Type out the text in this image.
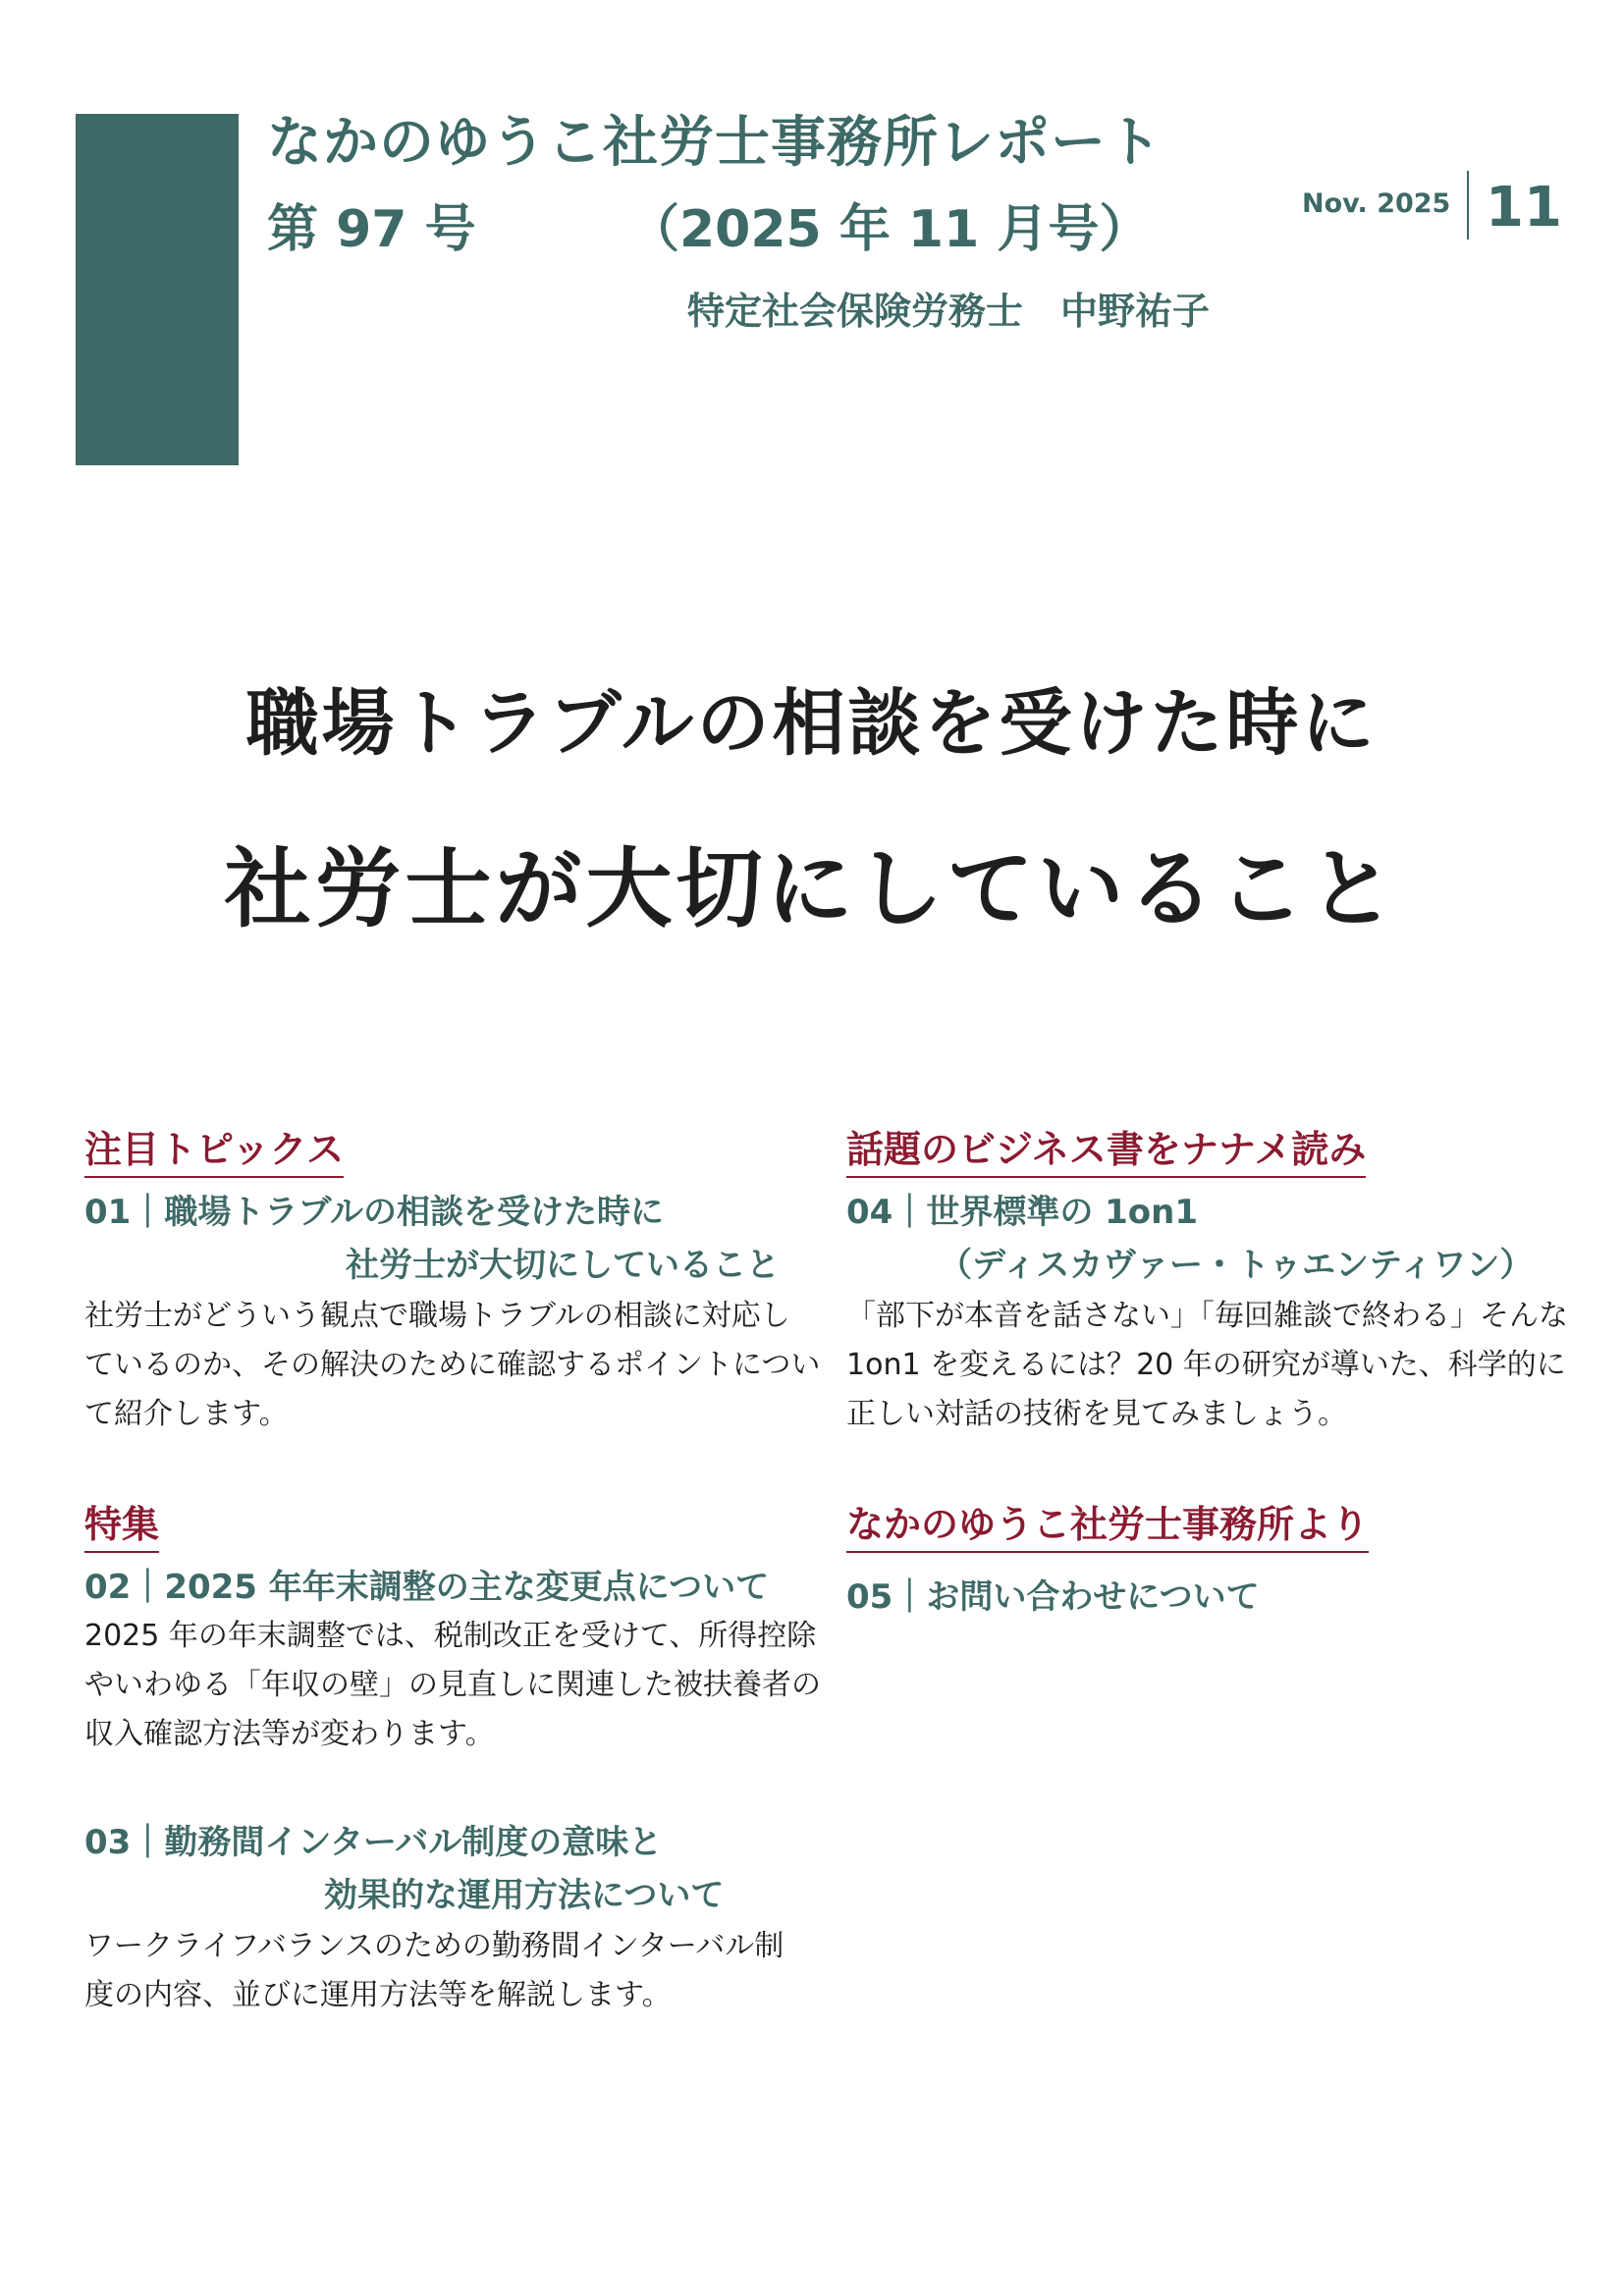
なかのゆうこ社労士事務所レポート
第 97 号	（2025 年 11 月号）
特定社会保険労務士　中野祐子
Nov. 2025 11
職場トラブルの相談を受けた時に
社労士が大切にしていること
注目トピックス
01｜職場トラブルの相談を受けた時に
社労士が大切にしていること
社労士がどういう観点で職場トラブルの相談に対応し
ているのか、その解決のために確認するポイントについ
て紹介します。
特集
02｜2025 年年末調整の主な変更点について
2025 年の年末調整では、税制改正を受けて、所得控除
やいわゆる「年収の壁」の見直しに関連した被扶養者の
収入確認方法等が変わります。
03｜勤務間インターバル制度の意味と
効果的な運用方法について
ワークライフバランスのための勤務間インターバル制
度の内容、並びに運用方法等を解説します。
話題のビジネス書をナナメ読み
04｜世界標準の 1on1
（ディスカヴァー・トゥエンティワン）
「部下が本音を話さない」「毎回雑談で終わる」そんな
1on1 を変えるには？20 年の研究が導いた、科学的に
正しい対話の技術を見てみましょう。
なかのゆうこ社労士事務所より
05｜お問い合わせについて
